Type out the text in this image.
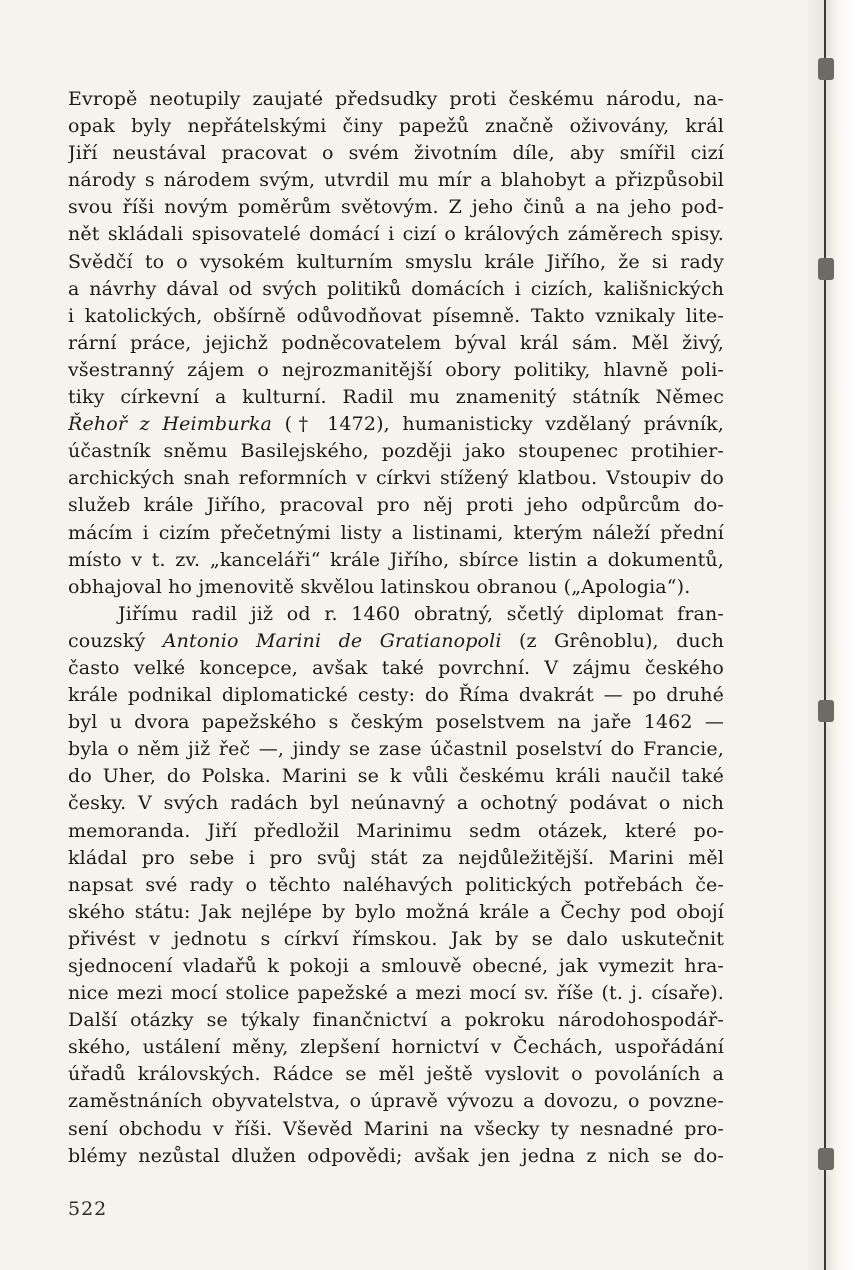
Evropě neotupily zaujaté předsudky proti českému národu, na-
opak byly nepřátelskými činy papežů značně oživovány, král
Jiří neustával pracovat o svém životním díle, aby smířil cizí
národy s národem svým, utvrdil mu mír a blahobyt a přizpůsobil
svou říši novým poměrům světovým. Z jeho činů a na jeho pod-
nět skládali spisovatelé domácí i cizí o králových záměrech spisy.
Svědčí to o vysokém kulturním smyslu krále Jiřího, že si rady
a návrhy dával od svých politiků domácích i cizích, kališnických
i katolických, obšírně odůvodňovat písemně. Takto vznikaly lite-
rární práce, jejichž podněcovatelem býval král sám. Měl živý,
všestranný zájem o nejrozmanitější obory politiky, hlavně poli-
tiky církevní a kulturní. Radil mu znamenitý státník Němec
Řehoř z Heimburka († 1472), humanisticky vzdělaný právník,
účastník sněmu Basilejského, později jako stoupenec protihier-
archických snah reformních v církvi stížený klatbou. Vstoupiv do
služeb krále Jiřího, pracoval pro něj proti jeho odpůrcům do-
mácím i cizím přečetnými listy a listinami, kterým náleží přední
místo v t. zv. „kanceláři“ krále Jiřího, sbírce listin a dokumentů,
obhajoval ho jmenovitě skvělou latinskou obranou („Apologia“).
Jiřímu radil již od r. 1460 obratný, sčetlý diplomat fran-
couzský Antonio Marini de Gratianopoli (z Grênoblu), duch
často velké koncepce, avšak také povrchní. V zájmu českého
krále podnikal diplomatické cesty: do Říma dvakrát — po druhé
byl u dvora papežského s českým poselstvem na jaře 1462 —
byla o něm již řeč —, jindy se zase účastnil poselství do Francie,
do Uher, do Polska. Marini se k vůli českému králi naučil také
česky. V svých radách byl neúnavný a ochotný podávat o nich
memoranda. Jiří předložil Marinimu sedm otázek, které po-
kládal pro sebe i pro svůj stát za nejdůležitější. Marini měl
napsat své rady o těchto naléhavých politických potřebách če-
ského státu: Jak nejlépe by bylo možná krále a Čechy pod obojí
přivést v jednotu s církví římskou. Jak by se dalo uskutečnit
sjednocení vladařů k pokoji a smlouvě obecné, jak vymezit hra-
nice mezi mocí stolice papežské a mezi mocí sv. říše (t. j. císaře).
Další otázky se týkaly finančnictví a pokroku národohospodář-
ského, ustálení měny, zlepšení hornictví v Čechách, uspořádání
úřadů královských. Rádce se měl ještě vyslovit o povoláních a
zaměstnáních obyvatelstva, o úpravě vývozu a dovozu, o povzne-
sení obchodu v říši. Vševěd Marini na všecky ty nesnadné pro-
blémy nezůstal dlužen odpovědi; avšak jen jedna z nich se do-
522
